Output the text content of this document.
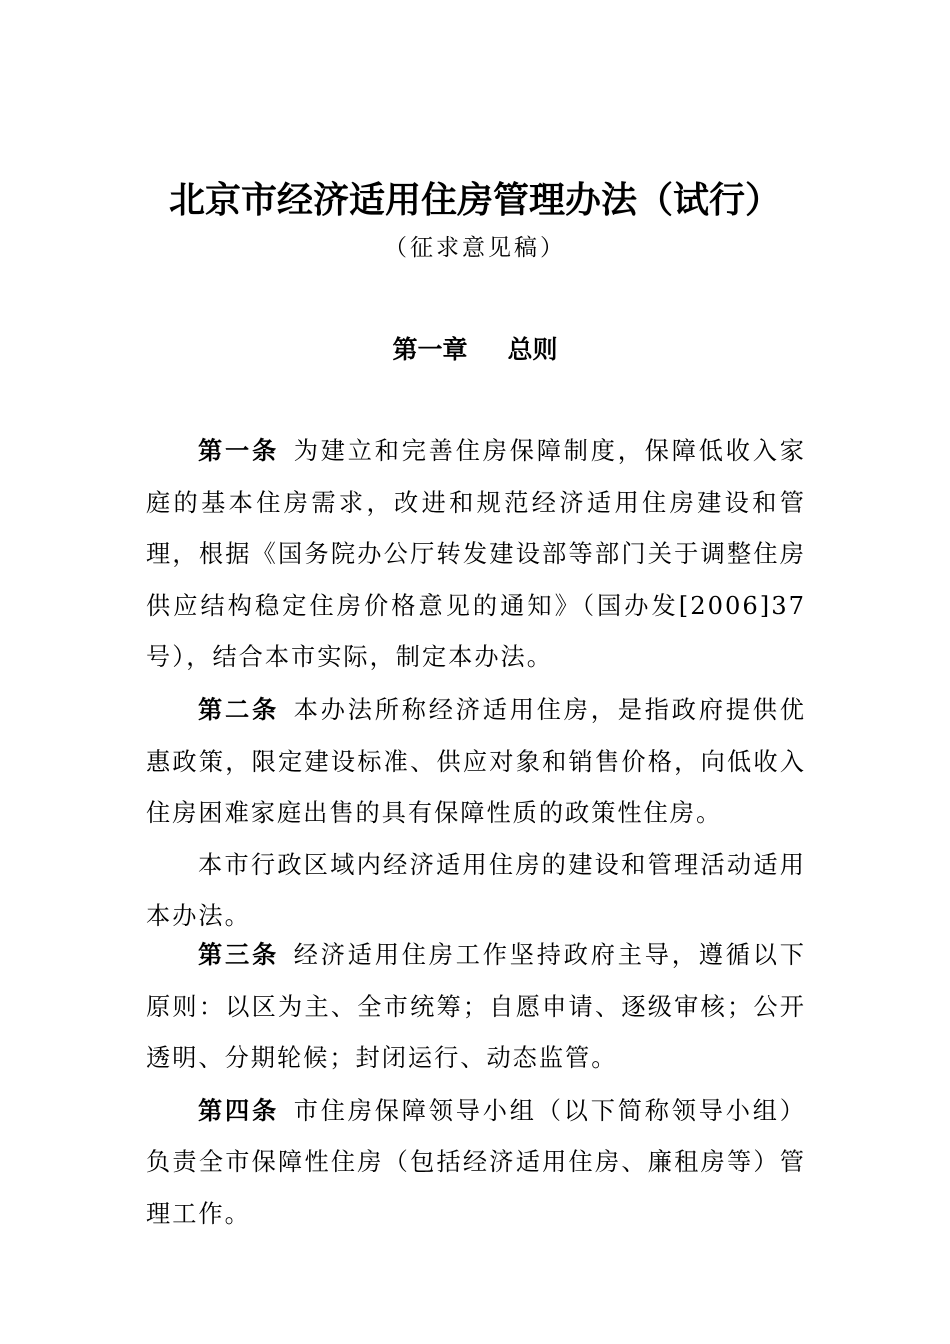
北京市经济适用住房管理办法（试行）
（征求意见稿）
第一章 总则

第一条 为建立和完善住房保障制度，保障低收入家庭的基本住房需求，改进和规范经济适用住房建设和管理，根据《国务院办公厅转发建设部等部门关于调整住房供应结构稳定住房价格意见的通知》（国办发[2006]37号），结合本市实际，制定本办法。

第二条 本办法所称经济适用住房，是指政府提供优惠政策，限定建设标准、供应对象和销售价格，向低收入住房困难家庭出售的具有保障性质的政策性住房。

本市行政区域内经济适用住房的建设和管理活动适用本办法。

第三条 经济适用住房工作坚持政府主导，遵循以下原则：以区为主、全市统筹；自愿申请、逐级审核；公开透明、分期轮候；封闭运行、动态监管。

第四条 市住房保障领导小组（以下简称领导小组）负责全市保障性住房（包括经济适用住房、廉租房等）管理工作。
